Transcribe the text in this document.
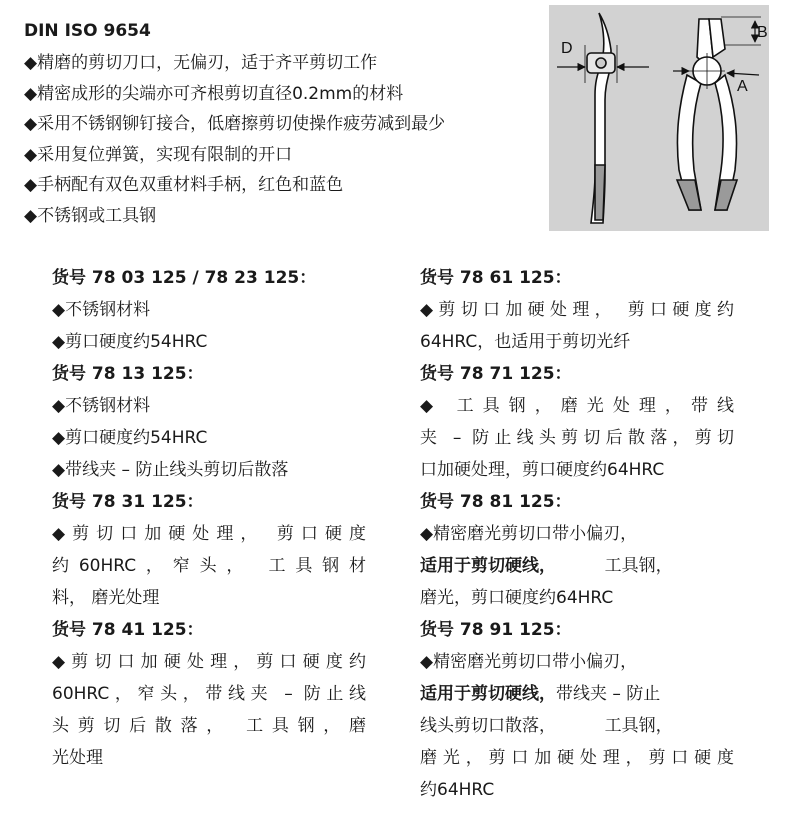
DIN ISO 9654
◆精磨的剪切刀口，无偏刃，适于齐平剪切工作
◆精密成形的尖端亦可齐根剪切直径0.2mm的材料
◆采用不锈钢铆钉接合，低磨擦剪切使操作疲劳减到最少
◆采用复位弹簧，实现有限制的开口
◆手柄配有双色双重材料手柄，红色和蓝色
◆不锈钢或工具钢
D
B
A
货号 78 03 125 / 78 23 125：
◆不锈钢材料
◆剪口硬度约54HRC
货号 78 13 125：
◆不锈钢材料
◆剪口硬度约54HRC
◆带线夹 – 防止线头剪切后散落
货号 78 31 125：
◆剪切口加硬处理， 剪口硬度
约60HRC，窄头， 工具钢材
料， 磨光处理
货号 78 41 125：
◆剪切口加硬处理，剪口硬度约
60HRC，窄头，带线夹 – 防止线
头剪切后散落， 工具钢，磨
光处理
货号 78 61 125：
◆剪切口加硬处理， 剪口硬度约
64HRC，也适用于剪切光纤
货号 78 71 125：
◆ 工具钢，磨光处理，带线
夹 – 防止线头剪切后散落，剪切
口加硬处理，剪口硬度约64HRC
货号 78 81 125：
◆精密磨光剪切口带小偏刃，
适用于剪切硬线，         工具钢，
磨光，剪口硬度约64HRC
货号 78 91 125：
◆精密磨光剪切口带小偏刃，
适用于剪切硬线，带线夹 – 防止
线头剪切口散落，         工具钢，
磨光，剪口加硬处理，剪口硬度
约64HRC
